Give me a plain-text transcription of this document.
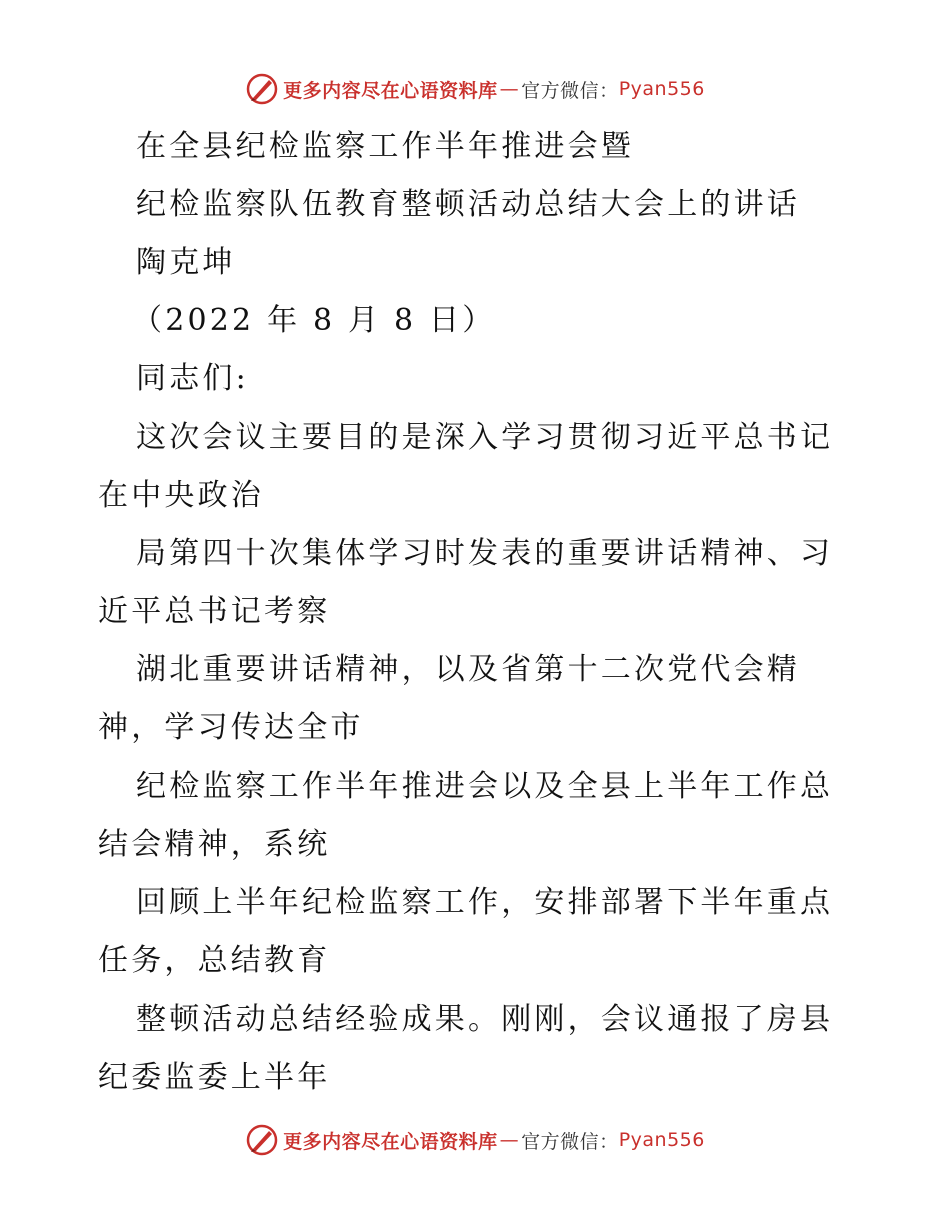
更多内容尽在心语资料库 — 官方微信： Pyan556
在全县纪检监察工作半年推进会暨
纪检监察队伍教育整顿活动总结大会上的讲话
陶克坤
（2022 年 8 月 8 日）
同志们:
这次会议主要目的是深入学习贯彻习近平总书记
在中央政治
局第四十次集体学习时发表的重要讲话精神、习
近平总书记考察
湖北重要讲话精神，以及省第十二次党代会精
神，学习传达全市
纪检监察工作半年推进会以及全县上半年工作总
结会精神，系统
回顾上半年纪检监察工作，安排部署下半年重点
任务，总结教育
整顿活动总结经验成果。刚刚，会议通报了房县
纪委监委上半年
更多内容尽在心语资料库 — 官方微信： Pyan556
